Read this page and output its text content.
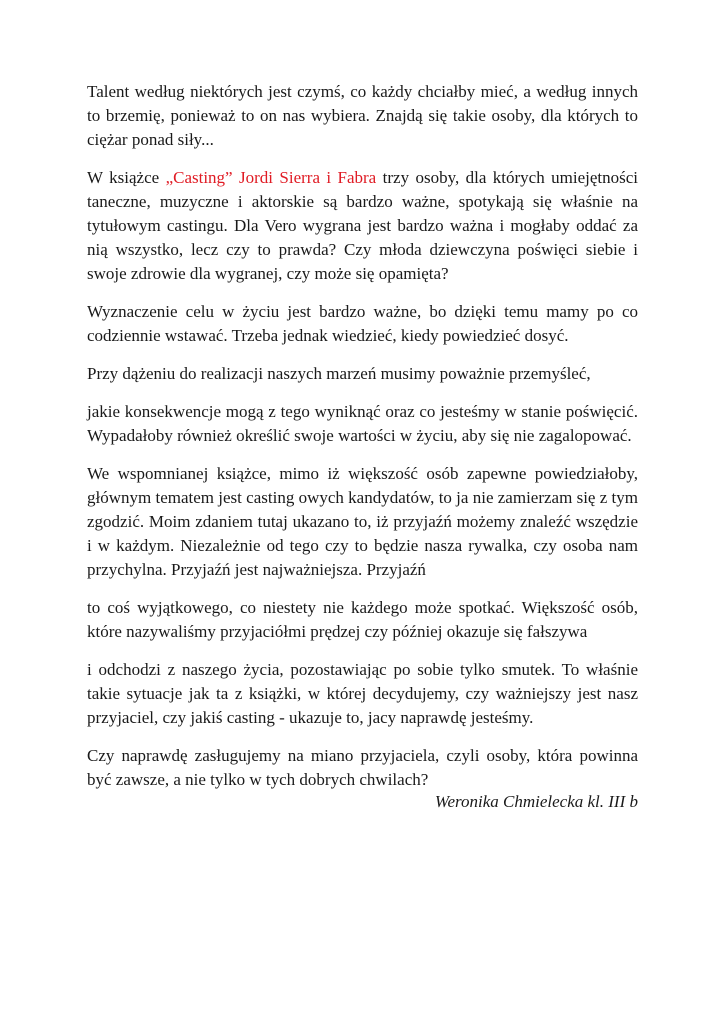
Talent według niektórych jest czymś, co każdy chciałby mieć, a według innych to brzemię, ponieważ to on nas wybiera. Znajdą się takie osoby, dla których to ciężar ponad siły...

W książce „Casting” Jordi Sierra i Fabra trzy osoby, dla których umiejętności taneczne, muzyczne i aktorskie są bardzo ważne, spotykają się właśnie na tytułowym castingu. Dla Vero wygrana jest bardzo ważna i mogłaby oddać za nią wszystko, lecz czy to prawda? Czy młoda dziewczyna poświęci siebie i swoje zdrowie dla wygranej, czy może się opamięta?

Wyznaczenie celu w życiu jest bardzo ważne, bo dzięki temu mamy po co codziennie wstawać. Trzeba jednak wiedzieć, kiedy powiedzieć dosyć.

Przy dążeniu do realizacji naszych marzeń musimy poważnie przemyśleć,

jakie konsekwencje mogą z tego wyniknąć oraz co jesteśmy w stanie poświęcić. Wypadałoby również określić swoje wartości w życiu, aby się nie zagalopować.

We wspomnianej książce, mimo iż większość osób zapewne powiedziałoby, głównym tematem jest casting owych kandydatów, to ja nie zamierzam się z tym zgodzić. Moim zdaniem tutaj ukazano to, iż przyjaźń możemy znaleźć wszędzie i w każdym. Niezależnie od tego czy to będzie nasza rywalka, czy osoba nam przychylna. Przyjaźń jest najważniejsza. Przyjaźń

to coś wyjątkowego, co niestety nie każdego może spotkać. Większość osób, które nazywaliśmy przyjaciółmi prędzej czy później okazuje się fałszywa

i odchodzi z naszego życia, pozostawiając po sobie tylko smutek. To właśnie takie sytuacje jak ta z książki, w której decydujemy, czy ważniejszy jest nasz przyjaciel, czy jakiś casting - ukazuje to, jacy naprawdę jesteśmy.

Czy naprawdę zasługujemy na miano przyjaciela, czyli osoby, która powinna być zawsze, a nie tylko w tych dobrych chwilach?

Weronika Chmielecka kl. III b
